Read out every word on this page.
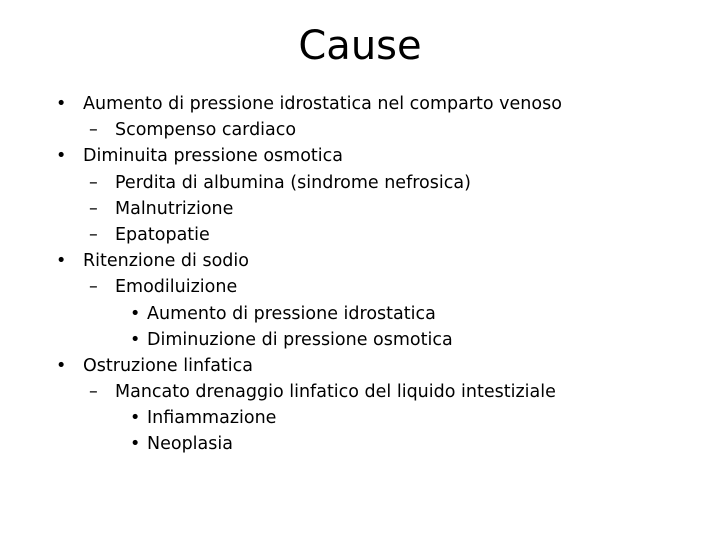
Cause
• Aumento di pressione idrostatica nel comparto venoso
– Scompenso cardiaco
• Diminuita pressione osmotica
– Perdita di albumina (sindrome nefrosica)
– Malnutrizione
– Epatopatie
• Ritenzione di sodio
– Emodiluizione
• Aumento di pressione idrostatica
• Diminuzione di pressione osmotica
• Ostruzione linfatica
– Mancato drenaggio linfatico del liquido intestiziale
• Infiammazione
• Neoplasia
